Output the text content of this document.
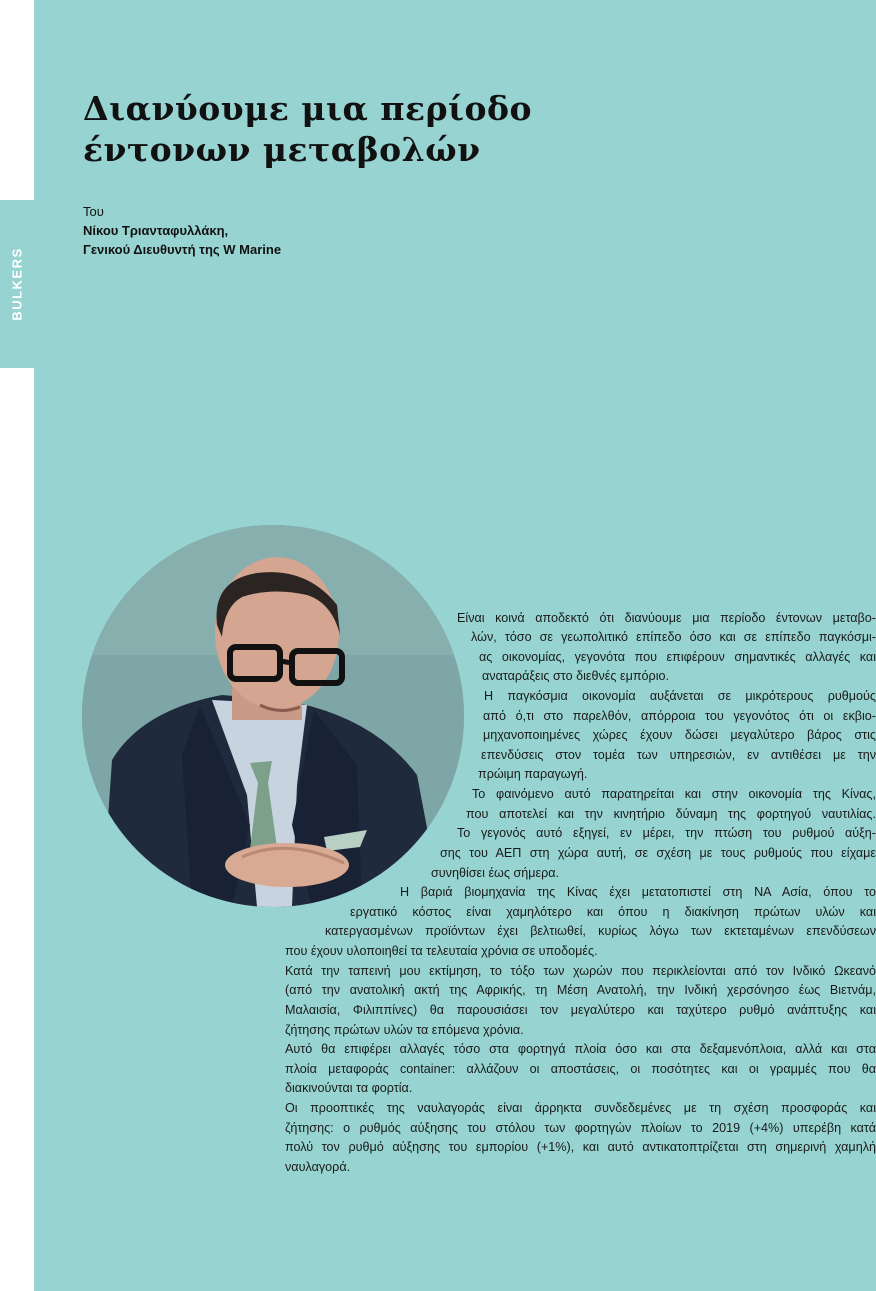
BULKERS
Διανύουμε μια περίοδο
έντονων μεταβολών
Του
Νίκου Τριανταφυλλάκη,
Γενικού Διευθυντή της W Marine
Είναι κοινά αποδεκτό ότι διανύουμε μια περίοδο έντονων μεταβο-
λών, τόσο σε γεωπολιτικό επίπεδο όσο και σε επίπεδο παγκόσμι-
ας οικονομίας, γεγονότα που επιφέρουν σημαντικές αλλαγές και
αναταράξεις στο διεθνές εμπόριο.
Η παγκόσμια οικονομία αυξάνεται σε μικρότερους ρυθμούς
από ό,τι στο παρελθόν, απόρροια του γεγονότος ότι οι εκβιο-
μηχανοποιημένες χώρες έχουν δώσει μεγαλύτερο βάρος στις
επενδύσεις στον τομέα των υπηρεσιών, εν αντιθέσει με την
πρώιμη παραγωγή.
Το φαινόμενο αυτό παρατηρείται και στην οικονομία της Κίνας,
που αποτελεί και την κινητήριο δύναμη της φορτηγού ναυτιλίας.
Το γεγονός αυτό εξηγεί, εν μέρει, την πτώση του ρυθμού αύξη-
σης του ΑΕΠ στη χώρα αυτή, σε σχέση με τους ρυθμούς που είχαμε
συνηθίσει έως σήμερα.
Η βαριά βιομηχανία της Κίνας έχει μετατοπιστεί στη ΝΑ Ασία, όπου το
εργατικό κόστος είναι χαμηλότερο και όπου η διακίνηση πρώτων υλών και
κατεργασμένων προϊόντων έχει βελτιωθεί, κυρίως λόγω των εκτεταμένων επενδύσεων
που έχουν υλοποιηθεί τα τελευταία χρόνια σε υποδομές.
Κατά την ταπεινή μου εκτίμηση, το τόξο των χωρών που περικλείονται από τον Ινδικό Ωκεανό
(από την ανατολική ακτή της Αφρικής, τη Μέση Ανατολή, την Ινδική χερσόνησο έως Βιετνάμ,
Μαλαισία, Φιλιππίνες) θα παρουσιάσει τον μεγαλύτερο και ταχύτερο ρυθμό ανάπτυξης και
ζήτησης πρώτων υλών τα επόμενα χρόνια.
Αυτό θα επιφέρει αλλαγές τόσο στα φορτηγά πλοία όσο και στα δεξαμενόπλοια, αλλά και στα
πλοία μεταφοράς container: αλλάζουν οι αποστάσεις, οι ποσότητες και οι γραμμές που θα
διακινούνται τα φορτία.
Οι προοπτικές της ναυλαγοράς είναι άρρηκτα συνδεδεμένες με τη σχέση προσφοράς και
ζήτησης: ο ρυθμός αύξησης του στόλου των φορτηγών πλοίων το 2019 (+4%) υπερέβη κατά
πολύ τον ρυθμό αύξησης του εμπορίου (+1%), και αυτό αντικατοπτρίζεται στη σημερινή χαμηλή
ναυλαγορά.
